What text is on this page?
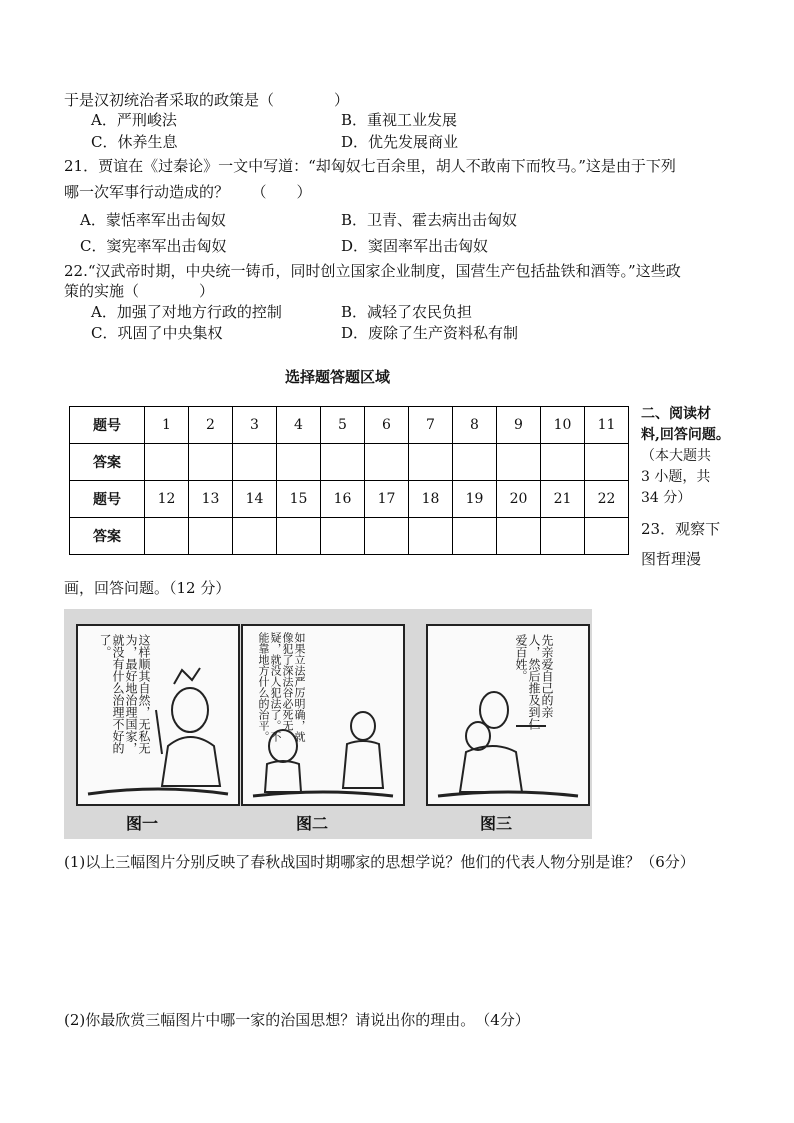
于是汉初统治者采取的政策是（　　　　）
A．严刑峻法	B．重视工业发展
C．休养生息	D．优先发展商业
21．贾谊在《过秦论》一文中写道：“却匈奴七百余里，胡人不敢南下而牧马。”这是由于下列
哪一次军事行动造成的？　　（　　）
A．蒙恬率军出击匈奴	B．卫青、霍去病出击匈奴
C．窦宪率军出击匈奴	D．窦固率军出击匈奴
22.“汉武帝时期，中央统一铸币，同时创立国家企业制度，国营生产包括盐铁和酒等。”这些政
策的实施（　　　　）
A．加强了对地方行政的控制	B．减轻了农民负担
C．巩固了中央集权	D．废除了生产资料私有制
选择题答题区域
题号	1	2	3	4	5	6	7	8	9	10	11
答案											
题号	12	13	14	15	16	17	18	19	20	21	22
答案											
二、阅读材
料,回答问题。
（本大题共
3 小题，共
34 分）
23．观察下
图哲理漫
画，回答问题。（12 分）
这样顺其自然，无私无为，最好地治理国家，就没有什么治理不好的了。	如果立法严厉明确，就像犯了深法谷必死无疑，就没人犯法了。不能靠地方什么的治平。	先亲爱自己的亲人，然后推及到仁爱百姓。
图一	图二	图三
(1)以上三幅图片分别反映了春秋战国时期哪家的思想学说？他们的代表人物分别是谁？（6分）
(2)你最欣赏三幅图片中哪一家的治国思想？请说出你的理由。　（4分）
